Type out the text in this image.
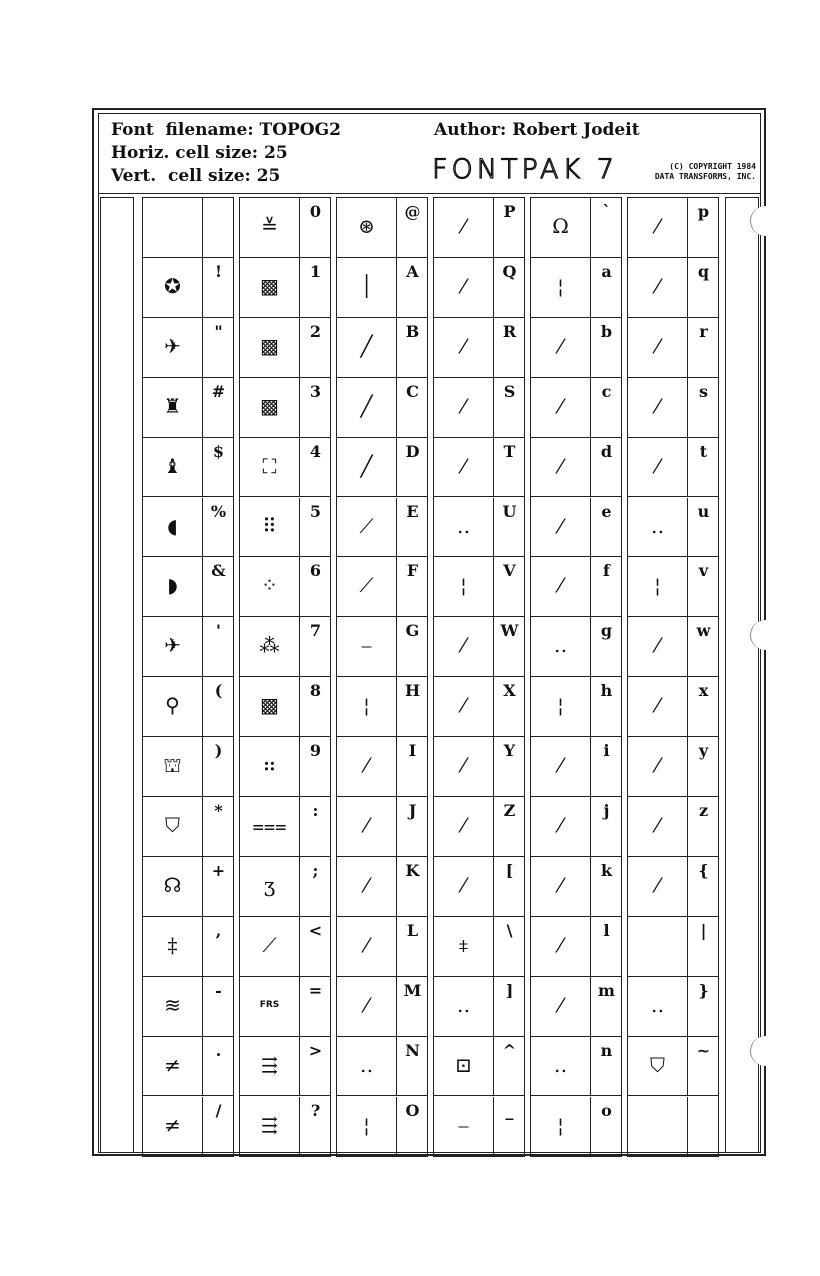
Font  filename: TOPOG2
Horiz. cell size: 25
Vert.  cell size: 25
Author: Robert Jodeit
FONTPAK 7	(C) COPYRIGHT 1984
DATA TRANSFORMS, INC.
✪
!
✈
"
♜
#
♝
$
◖
%
◗
&
✈
'
⚲
(
⛫
)
⛉
*
☊
+
‡
,
≋
-
≠
.
≠
/
≚
0
▩
1
▩
2
▩
3
⛶
4
⠿
5
⁘
6
⁂
7
▩
8
⠶
9
⩶
:
ʒ
;
⟋
<
FRS
=
⇶
>
⇶
?
⊛
@
│
A
╱
B
╱
C
╱
D
⟋
E
⟋
F
⎯
G
¦
H
⁄
I
⁄
J
⁄
K
⁄
L
⁄
M
‥
N
¦
O
⁄
P
⁄
Q
⁄
R
⁄
S
⁄
T
‥
U
¦
V
⁄
W
⁄
X
⁄
Y
⁄
Z
⁄
[
⧧
\
‥
]
⊡
^
⎯
_
Ω
`
¦
a
⁄
b
⁄
c
⁄
d
⁄
e
⁄
f
‥
g
¦
h
⁄
i
⁄
j
⁄
k
⁄
l
⁄
m
‥
n
¦
o
⁄
p
⁄
q
⁄
r
⁄
s
⁄
t
‥
u
¦
v
⁄
w
⁄
x
⁄
y
⁄
z
⁄
{
|
‥
}
⛉
~
